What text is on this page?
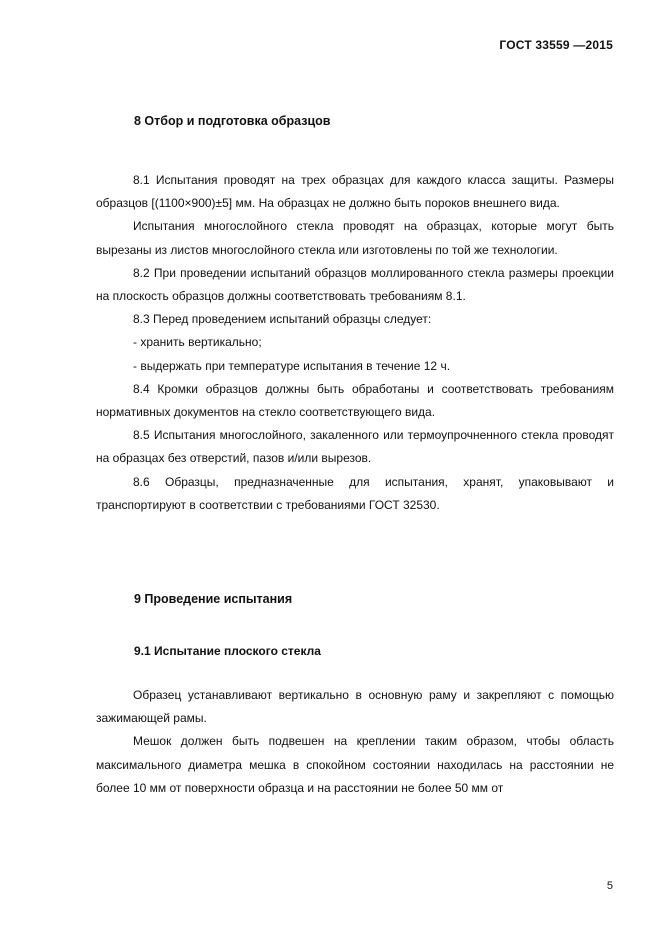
ГОСТ 33559 —2015
8 Отбор и подготовка образцов

8.1 Испытания проводят на трех образцах для каждого класса защиты. Размеры образцов [(1100×900)±5] мм. На образцах не должно быть пороков внешнего вида.

Испытания многослойного стекла проводят на образцах, которые могут быть вырезаны из листов многослойного стекла или изготовлены по той же технологии.

8.2 При проведении испытаний образцов моллированного стекла размеры проекции на плоскость образцов должны соответствовать требованиям 8.1.

8.3 Перед проведением испытаний образцы следует:

- хранить вертикально;

- выдержать при температуре испытания в течение 12 ч.

8.4 Кромки образцов должны быть обработаны и соответствовать требованиям нормативных документов на стекло соответствующего вида.

8.5 Испытания многослойного, закаленного или термоупрочненного стекла проводят на образцах без отверстий, пазов и/или вырезов.

8.6 Образцы, предназначенные для испытания, хранят, упаковывают и транспортируют в соответствии с требованиями ГОСТ 32530.

9 Проведение испытания
9.1 Испытание плоского стекла

Образец устанавливают вертикально в основную раму и закрепляют с помощью зажимающей рамы.

Мешок должен быть подвешен на креплении таким образом, чтобы область максимального диаметра мешка в спокойном состоянии находилась на расстоянии не более 10 мм от поверхности образца и на расстоянии не более 50 мм от

5
